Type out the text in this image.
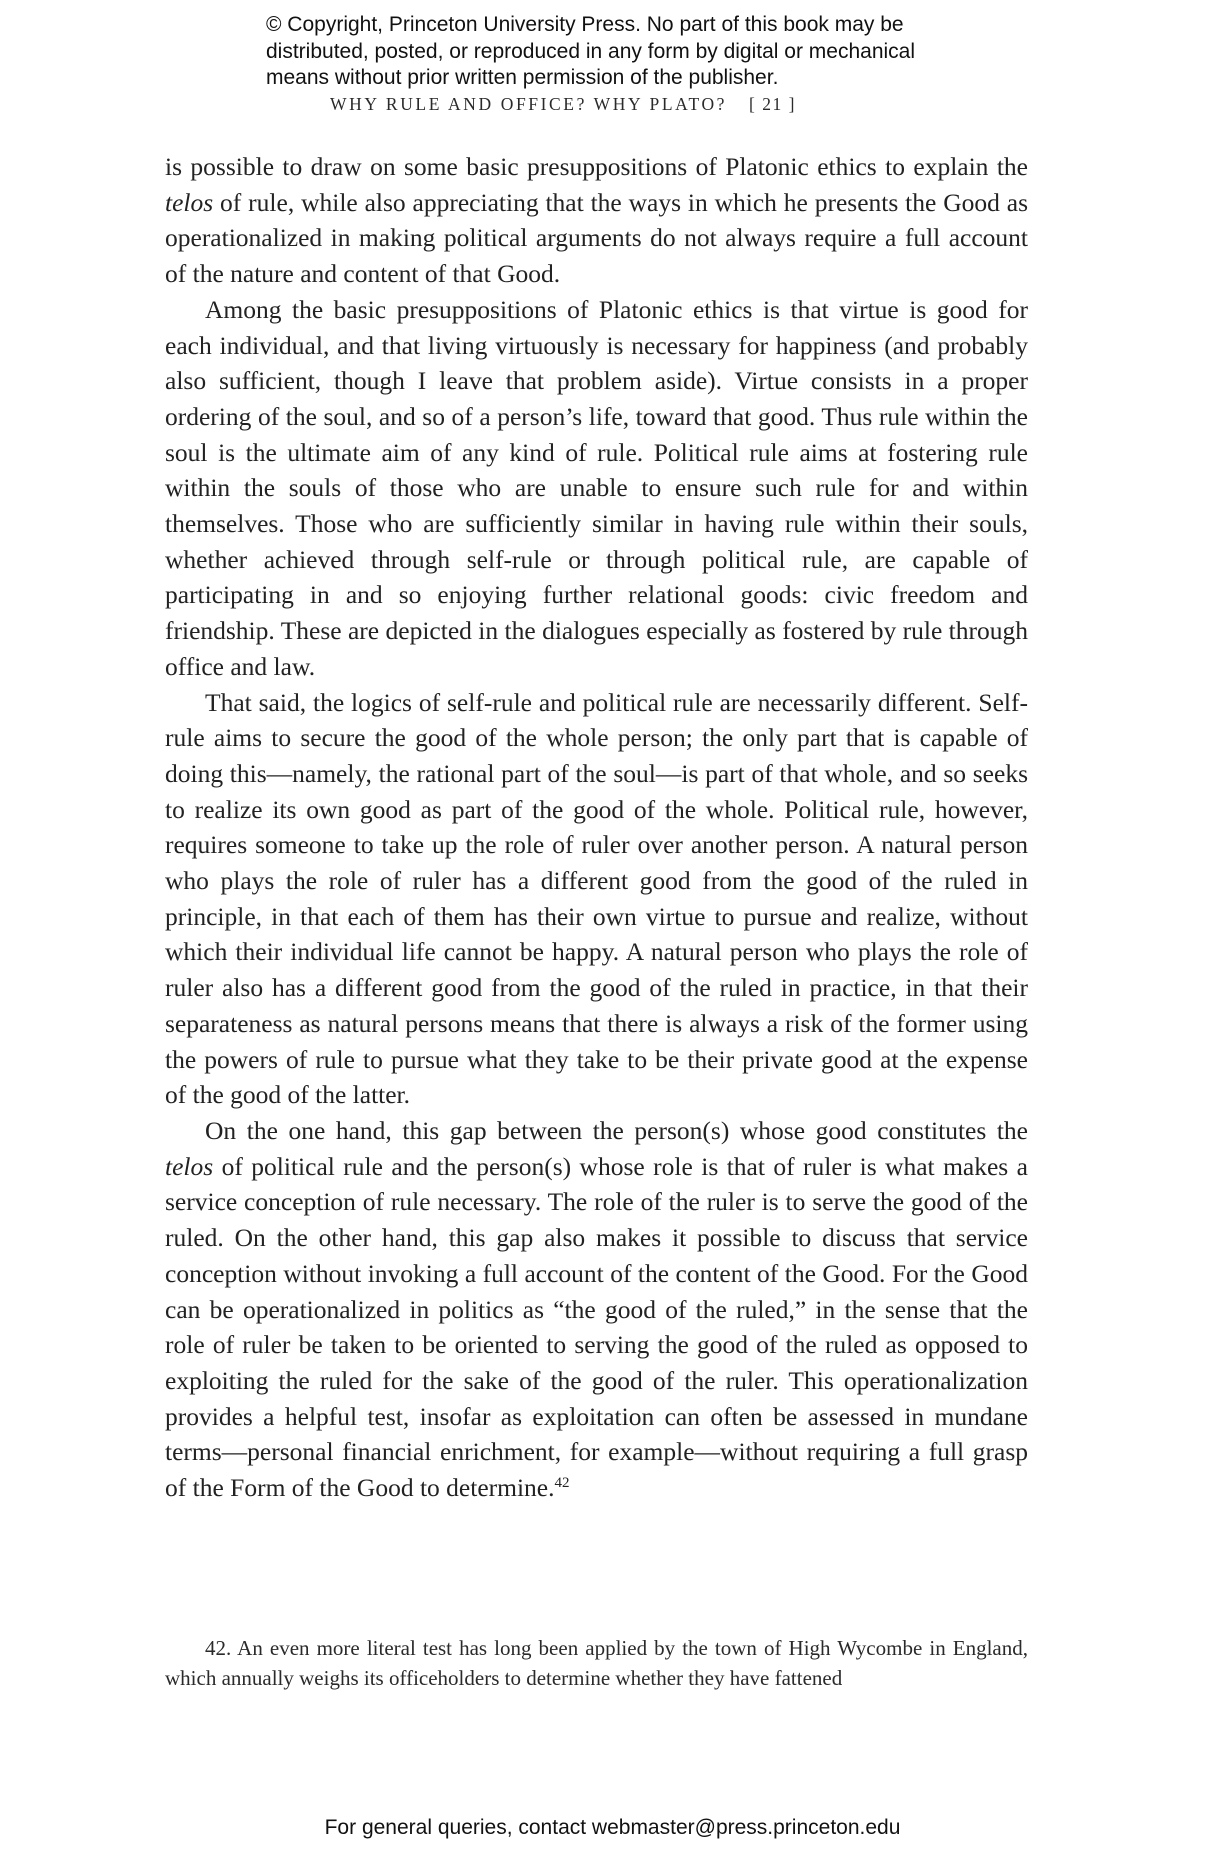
© Copyright, Princeton University Press. No part of this book may be
distributed, posted, or reproduced in any form by digital or mechanical
means without prior written permission of the publisher.
WHY RULE AND OFFICE? WHY PLATO? [ 21 ]

is possible to draw on some basic presuppositions of Platonic ethics to explain the telos of rule, while also appreciating that the ways in which he presents the Good as operationalized in making political arguments do not always require a full account of the nature and content of that Good.

Among the basic presuppositions of Platonic ethics is that virtue is good for each individual, and that living virtuously is necessary for happiness (and probably also sufficient, though I leave that problem aside). Virtue consists in a proper ordering of the soul, and so of a person’s life, toward that good. Thus rule within the soul is the ultimate aim of any kind of rule. Political rule aims at fostering rule within the souls of those who are unable to ensure such rule for and within themselves. Those who are sufficiently similar in having rule within their souls, whether achieved through self-rule or through political rule, are capable of participating in and so enjoying further relational goods: civic freedom and friendship. These are depicted in the dialogues especially as fostered by rule through office and law.

That said, the logics of self-rule and political rule are necessarily different. Self-rule aims to secure the good of the whole person; the only part that is capable of doing this—namely, the rational part of the soul—is part of that whole, and so seeks to realize its own good as part of the good of the whole. Political rule, however, requires someone to take up the role of ruler over another person. A natural person who plays the role of ruler has a different good from the good of the ruled in principle, in that each of them has their own virtue to pursue and realize, without which their individual life cannot be happy. A natural person who plays the role of ruler also has a different good from the good of the ruled in practice, in that their separateness as natural persons means that there is always a risk of the former using the powers of rule to pursue what they take to be their private good at the expense of the good of the latter.

On the one hand, this gap between the person(s) whose good constitutes the telos of political rule and the person(s) whose role is that of ruler is what makes a service conception of rule necessary. The role of the ruler is to serve the good of the ruled. On the other hand, this gap also makes it possible to discuss that service conception without invoking a full account of the content of the Good. For the Good can be operationalized in politics as “the good of the ruled,” in the sense that the role of ruler be taken to be oriented to serving the good of the ruled as opposed to exploiting the ruled for the sake of the good of the ruler. This operationalization provides a helpful test, insofar as exploitation can often be assessed in mundane terms—personal financial enrichment, for example—without requiring a full grasp of the Form of the Good to determine.$^{42}$

42. An even more literal test has long been applied by the town of High Wycombe in England, which annually weighs its officeholders to determine whether they have fattened

For general queries, contact webmaster@press.princeton.edu
